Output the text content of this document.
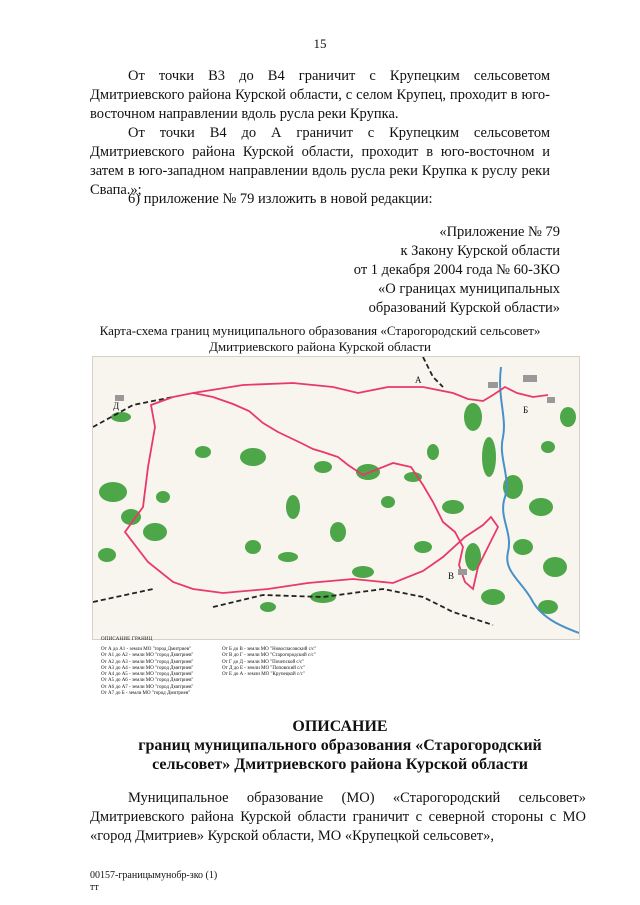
15
От точки В3 до В4 граничит с Крупецким сельсоветом Дмитриевского района Курской области, с селом Крупец, проходит в юго-восточном направлении вдоль русла реки Крупка.
От точки В4 до А граничит с Крупецким сельсоветом Дмитриевского района Курской области, проходит в юго-восточном и затем в юго-западном направлении вдоль русла реки Крупка к руслу реки Свапа.»;
6) приложение № 79 изложить в новой редакции:
«Приложение № 79
к Закону Курской области
от 1 декабря 2004 года № 60-ЗКО
«О границах муниципальных
образований Курской области»
Карта-схема границ муниципального образования «Старогородский сельсовет»
Дмитриевского района Курской области
А
Б
В
Д
ОПИСАНИЕ ГРАНИЦ
От А до А1 - земли МО "город Дмитриев"
От А1 до А2 - земли МО "город Дмитриев"
От А2 до А3 - земли МО "город Дмитриев"
От А3 до А4 - земли МО "город Дмитриев"
От А4 до А5 - земли МО "город Дмитриев"
От А5 до А6 - земли МО "город Дмитриев"
От А6 до А7 - земли МО "город Дмитриев"
От А7 до Б - земли МО "город Дмитриев"
От Б до В - земли МО "Новоспасовский с/с"
От В до Г - земли МО "Старогородский с/с"
От Г до Д - земли МО "Почепской с/с"
От Д до Е - земли МО "Поповский с/с"
От Е до А - земли МО "Крупецкой с/с"
ОПИСАНИЕ
границ муниципального образования «Старогородский
сельсовет» Дмитриевского района Курской области
Муниципальное образование (МО) «Старогородский сельсовет» Дмитриевского района Курской области граничит с северной стороны с МО «город Дмитриев» Курской области, МО «Крупецкой сельсовет»,
00157-границымунобр-зко (1)
тт
